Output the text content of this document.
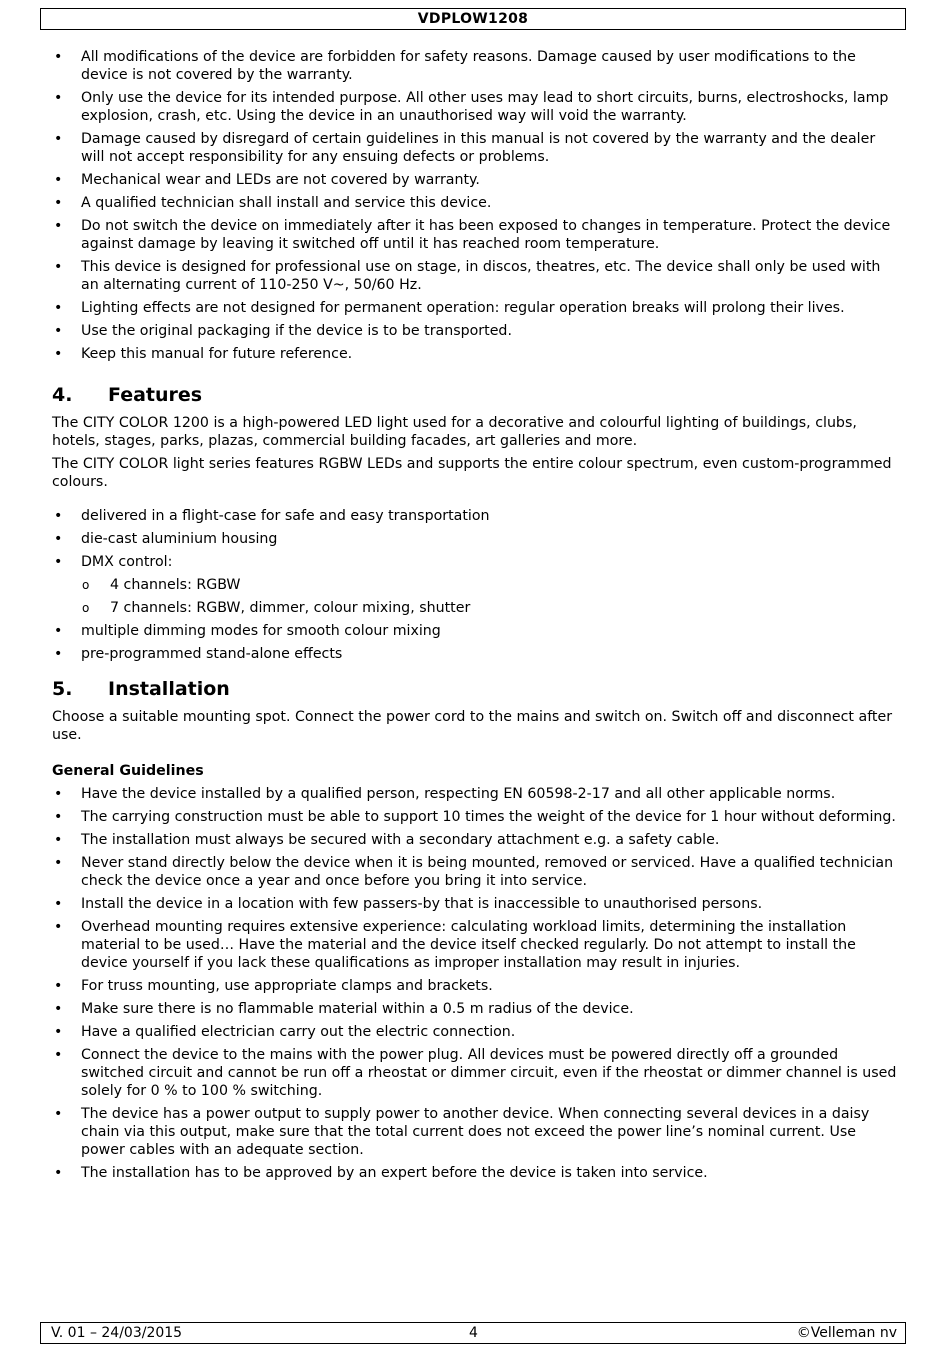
VDPLOW1208
• All modifications of the device are forbidden for safety reasons. Damage caused by user modifications to the device is not covered by the warranty.
• Only use the device for its intended purpose. All other uses may lead to short circuits, burns, electroshocks, lamp explosion, crash, etc. Using the device in an unauthorised way will void the warranty.
• Damage caused by disregard of certain guidelines in this manual is not covered by the warranty and the dealer will not accept responsibility for any ensuing defects or problems.
• Mechanical wear and LEDs are not covered by warranty.
• A qualified technician shall install and service this device.
• Do not switch the device on immediately after it has been exposed to changes in temperature. Protect the device against damage by leaving it switched off until it has reached room temperature.
• This device is designed for professional use on stage, in discos, theatres, etc. The device shall only be used with an alternating current of 110-250 V~, 50/60 Hz.
• Lighting effects are not designed for permanent operation: regular operation breaks will prolong their lives.
• Use the original packaging if the device is to be transported.
• Keep this manual for future reference.
4.	Features

The CITY COLOR 1200 is a high-powered LED light used for a decorative and colourful lighting of buildings, clubs, hotels, stages, parks, plazas, commercial building facades, art galleries and more.

The CITY COLOR light series features RGBW LEDs and supports the entire colour spectrum, even custom-programmed colours.

• delivered in a flight-case for safe and easy transportation
• die-cast aluminium housing
• DMX control:
o 4 channels: RGBW
o 7 channels: RGBW, dimmer, colour mixing, shutter
• multiple dimming modes for smooth colour mixing
• pre-programmed stand-alone effects
5.	Installation

Choose a suitable mounting spot. Connect the power cord to the mains and switch on. Switch off and disconnect after use.

General Guidelines
• Have the device installed by a qualified person, respecting EN 60598-2-17 and all other applicable norms.
• The carrying construction must be able to support 10 times the weight of the device for 1 hour without deforming.
• The installation must always be secured with a secondary attachment e.g. a safety cable.
• Never stand directly below the device when it is being mounted, removed or serviced. Have a qualified technician check the device once a year and once before you bring it into service.
• Install the device in a location with few passers-by that is inaccessible to unauthorised persons.
• Overhead mounting requires extensive experience: calculating workload limits, determining the installation material to be used… Have the material and the device itself checked regularly. Do not attempt to install the device yourself if you lack these qualifications as improper installation may result in injuries.
• For truss mounting, use appropriate clamps and brackets.
• Make sure there is no flammable material within a 0.5 m radius of the device.
• Have a qualified electrician carry out the electric connection.
• Connect the device to the mains with the power plug. All devices must be powered directly off a grounded switched circuit and cannot be run off a rheostat or dimmer circuit, even if the rheostat or dimmer channel is used solely for 0 % to 100 % switching.
• The device has a power output to supply power to another device. When connecting several devices in a daisy chain via this output, make sure that the total current does not exceed the power line’s nominal current. Use power cables with an adequate section.
• The installation has to be approved by an expert before the device is taken into service.
V. 01 – 24/03/2015	4	©Velleman nv
